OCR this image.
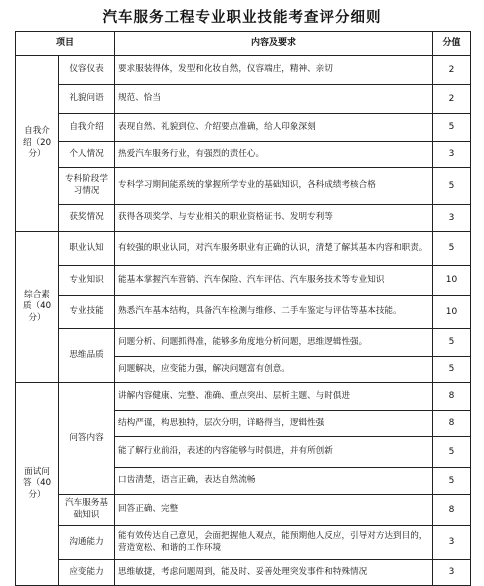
汽车服务工程专业职业技能考查评分细则
项目		内容及要求	分值
自我介绍（20分）	仪容仪表	要求服装得体，发型和化妆自然，仪容端庄，精神、亲切	2
	礼貌问语	规范、恰当	2
	自我介绍	表现自然、礼貌到位、介绍要点准确，给人印象深刻	5
	个人情况	热爱汽车服务行业，有强烈的责任心。	3
	专科阶段学习情况	专科学习期间能系统的掌握所学专业的基础知识，各科成绩考核合格	5
	获奖情况	获得各项奖学、与专业相关的职业资格证书、发明专利等	3
综合素质（40分）	职业认知	有较强的职业认同，对汽车服务职业有正确的认识，清楚了解其基本内容和职责。	5
	专业知识	能基本掌握汽车营销、汽车保险、汽车评估、汽车服务技术等专业知识	10
	专业技能	熟悉汽车基本结构，具备汽车检测与维修、二手车鉴定与评估等基本技能。	10
	思维品质	问题分析、问题抓得准，能够多角度地分析问题，思维逻辑性强。	5
		问题解决，应变能力强，解决问题富有创意。	5
面试问答（40分）	问答内容	讲解内容健康、完整、准确、重点突出、层析主题、与时俱进	8
		结构严谨，构思独特，层次分明，详略得当，逻辑性强	8
		能了解行业前沿，表述的内容能够与时俱进，并有所创新	5
		口齿清楚，语言正确，表达自然流畅	5
	汽车服务基础知识	回答正确、完整	8
	沟通能力	能有效传达自己意见，会面把握他人观点，能预期他人反应，引导对方达到目的，营造宽松、和谐的工作环境	3
	应变能力	思维敏捷，考虑问题周到，能及时、妥善处理突发事件和特殊情况	3
